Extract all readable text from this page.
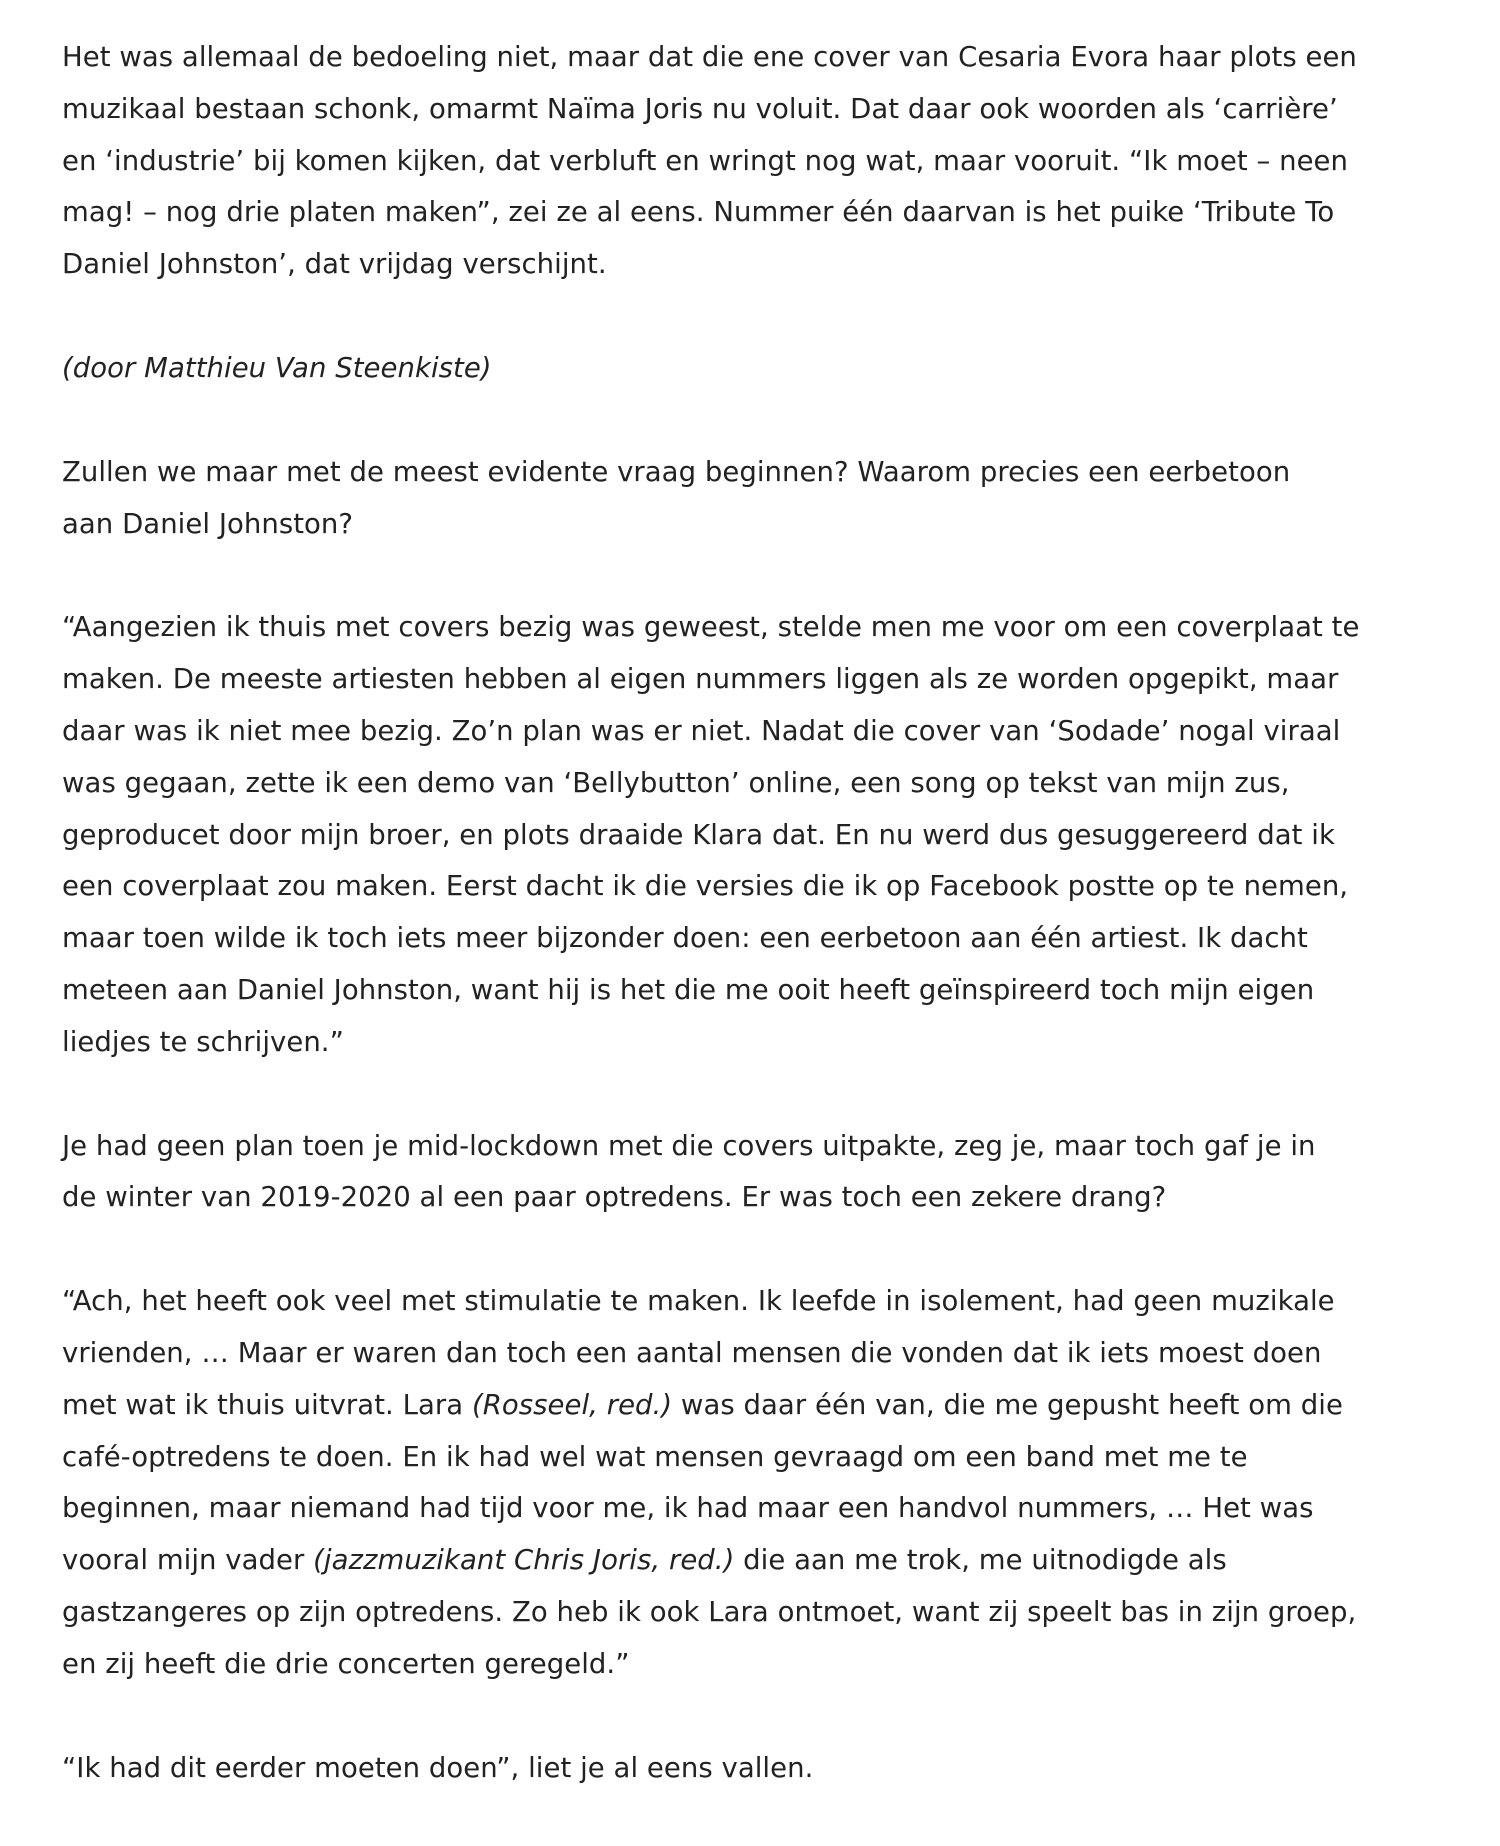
Het was allemaal de bedoeling niet, maar dat die ene cover van Cesaria Evora haar plots een
muzikaal bestaan schonk, omarmt Naïma Joris nu voluit. Dat daar ook woorden als ‘carrière’
en ‘industrie’ bij komen kijken, dat verbluft en wringt nog wat, maar vooruit. “Ik moet – neen
mag! – nog drie platen maken”, zei ze al eens. Nummer één daarvan is het puike ‘Tribute To
Daniel Johnston’, dat vrijdag verschijnt.

(door Matthieu Van Steenkiste)

Zullen we maar met de meest evidente vraag beginnen? Waarom precies een eerbetoon
aan Daniel Johnston?

“Aangezien ik thuis met covers bezig was geweest, stelde men me voor om een coverplaat te
maken. De meeste artiesten hebben al eigen nummers liggen als ze worden opgepikt, maar
daar was ik niet mee bezig. Zo’n plan was er niet. Nadat die cover van ‘Sodade’ nogal viraal
was gegaan, zette ik een demo van ‘Bellybutton’ online, een song op tekst van mijn zus,
geproducet door mijn broer, en plots draaide Klara dat. En nu werd dus gesuggereerd dat ik
een coverplaat zou maken. Eerst dacht ik die versies die ik op Facebook postte op te nemen,
maar toen wilde ik toch iets meer bijzonder doen: een eerbetoon aan één artiest. Ik dacht
meteen aan Daniel Johnston, want hij is het die me ooit heeft geïnspireerd toch mijn eigen
liedjes te schrijven.”

Je had geen plan toen je mid-lockdown met die covers uitpakte, zeg je, maar toch gaf je in
de winter van 2019-2020 al een paar optredens. Er was toch een zekere drang?

“Ach, het heeft ook veel met stimulatie te maken. Ik leefde in isolement, had geen muzikale
vrienden, … Maar er waren dan toch een aantal mensen die vonden dat ik iets moest doen
met wat ik thuis uitvrat. Lara (Rosseel, red.) was daar één van, die me gepusht heeft om die
café-optredens te doen. En ik had wel wat mensen gevraagd om een band met me te
beginnen, maar niemand had tijd voor me, ik had maar een handvol nummers, … Het was
vooral mijn vader (jazzmuzikant Chris Joris, red.) die aan me trok, me uitnodigde als
gastzangeres op zijn optredens. Zo heb ik ook Lara ontmoet, want zij speelt bas in zijn groep,
en zij heeft die drie concerten geregeld.”

“Ik had dit eerder moeten doen”, liet je al eens vallen.
